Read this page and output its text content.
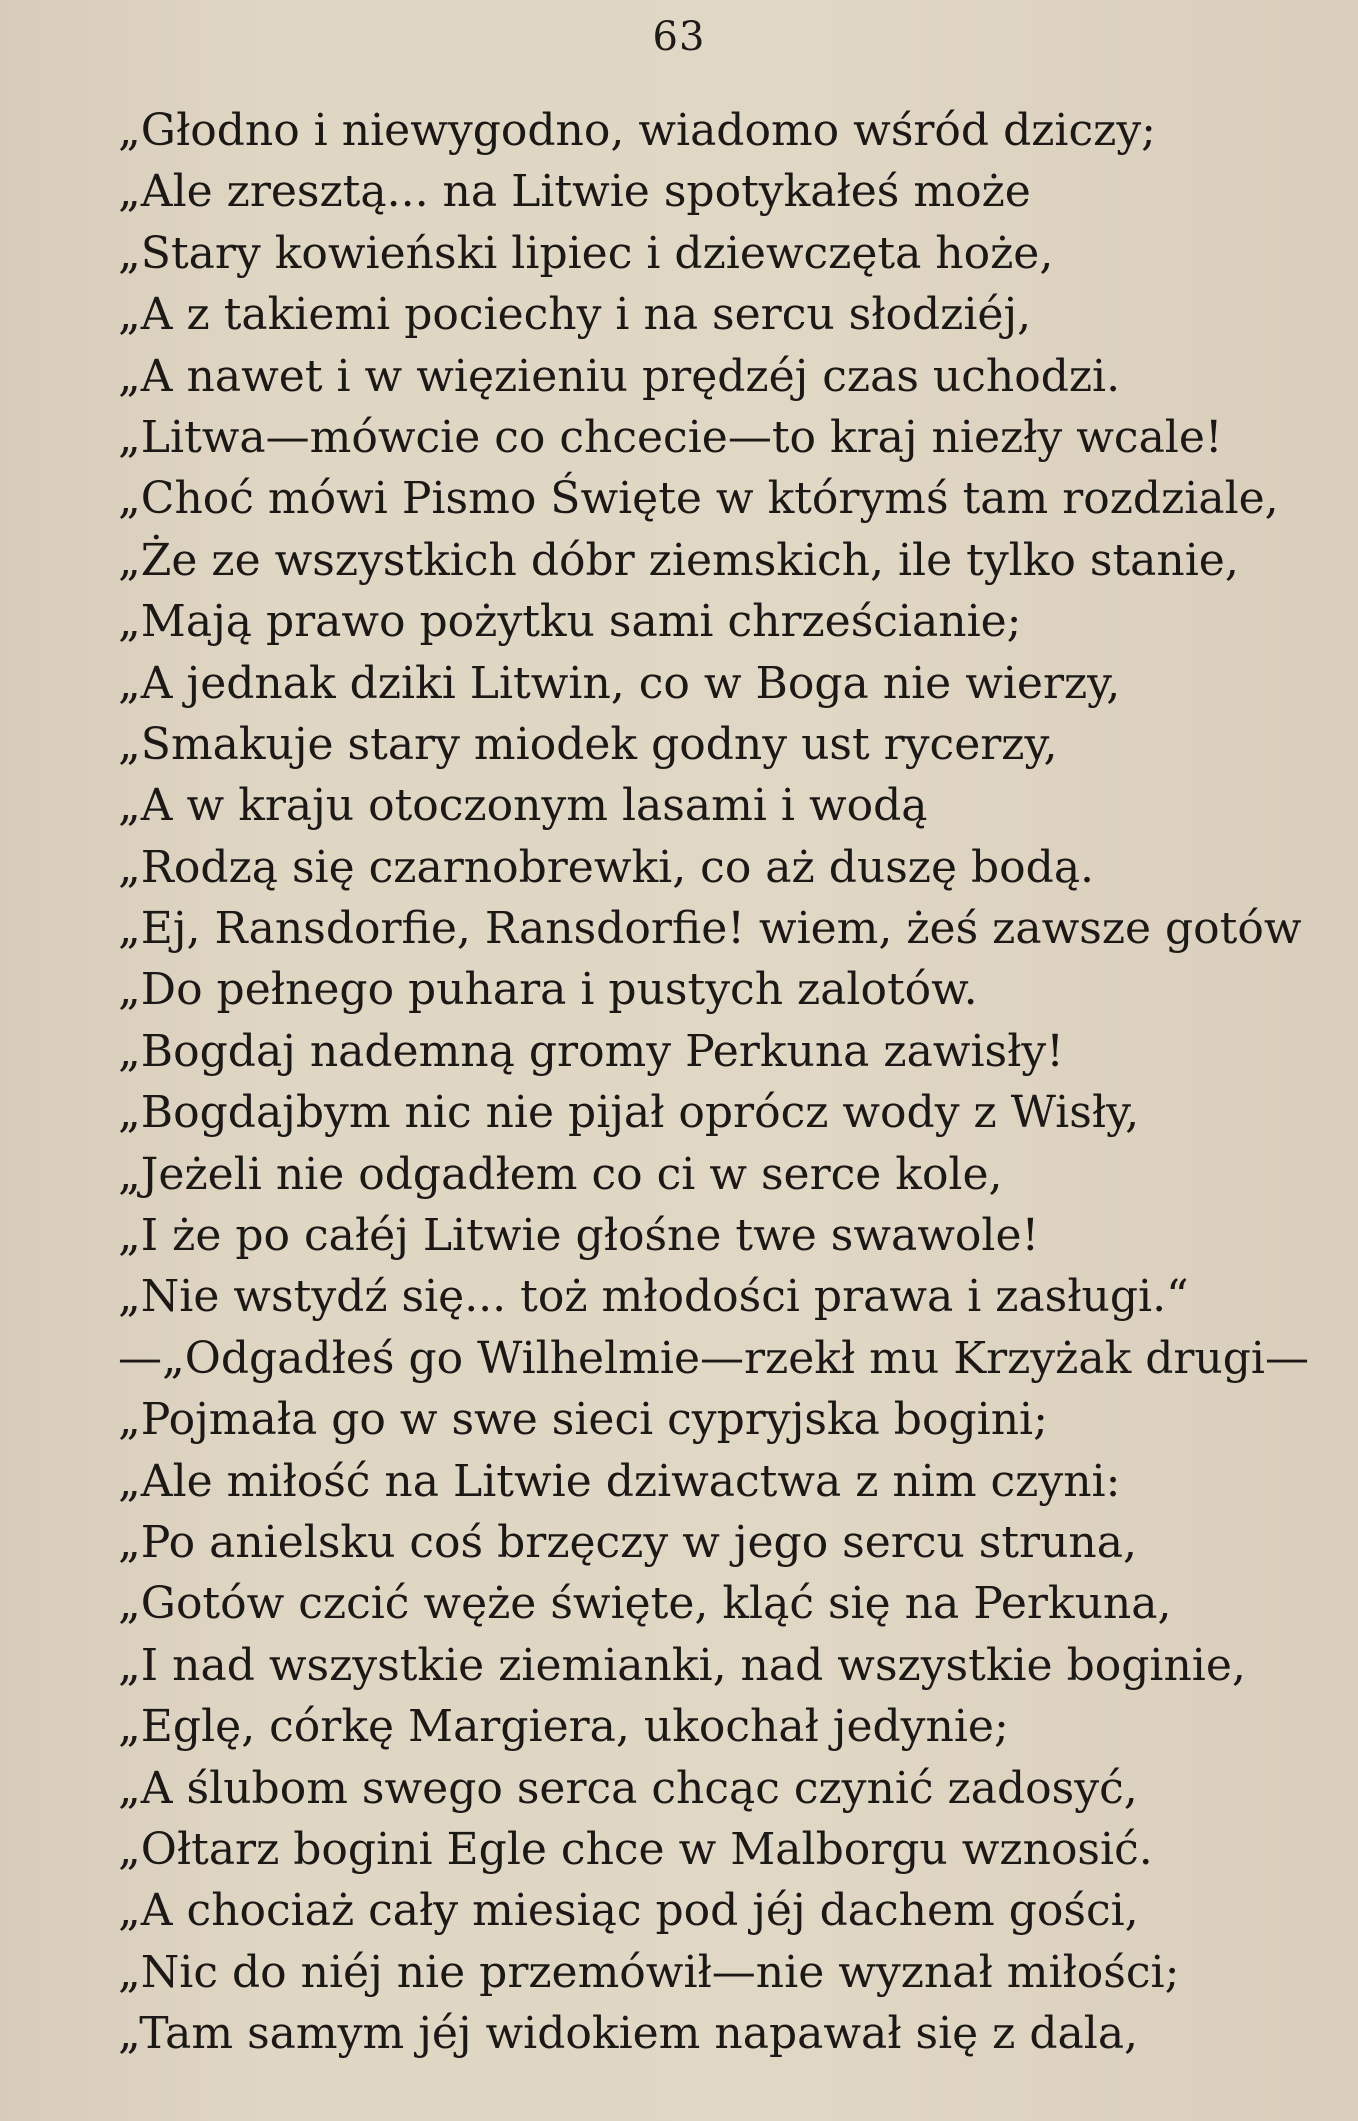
63
„Głodno i niewygodno, wiadomo wśród dziczy;
„Ale zresztą... na Litwie spotykałeś może
„Stary kowieński lipiec i dziewczęta hoże,
„A z takiemi pociechy i na sercu słodziéj,
„A nawet i w więzieniu prędzéj czas uchodzi.
„Litwa—mówcie co chcecie—to kraj niezły wcale!
„Choć mówi Pismo Święte w którymś tam rozdziale,
„Że ze wszystkich dóbr ziemskich, ile tylko stanie,
„Mają prawo pożytku sami chrześcianie;
„A jednak dziki Litwin, co w Boga nie wierzy,
„Smakuje stary miodek godny ust rycerzy,
„A w kraju otoczonym lasami i wodą
„Rodzą się czarnobrewki, co aż duszę bodą.
„Ej, Ransdorfie, Ransdorfie! wiem, żeś zawsze gotów
„Do pełnego puhara i pustych zalotów.
„Bogdaj nademną gromy Perkuna zawisły!
„Bogdajbym nic nie pijał oprócz wody z Wisły,
„Jeżeli nie odgadłem co ci w serce kole,
„I że po całéj Litwie głośne twe swawole!
„Nie wstydź się... toż młodości prawa i zasługi.“
—„Odgadłeś go Wilhelmie—rzekł mu Krzyżak drugi—
„Pojmała go w swe sieci cypryjska bogini;
„Ale miłość na Litwie dziwactwa z nim czyni:
„Po anielsku coś brzęczy w jego sercu struna,
„Gotów czcić węże święte, kląć się na Perkuna,
„I nad wszystkie ziemianki, nad wszystkie boginie,
„Eglę, córkę Margiera, ukochał jedynie;
„A ślubom swego serca chcąc czynić zadosyć,
„Ołtarz bogini Egle chce w Malborgu wznosić.
„A chociaż cały miesiąc pod jéj dachem gości,
„Nic do niéj nie przemówił—nie wyznał miłości;
„Tam samym jéj widokiem napawał się z dala,
